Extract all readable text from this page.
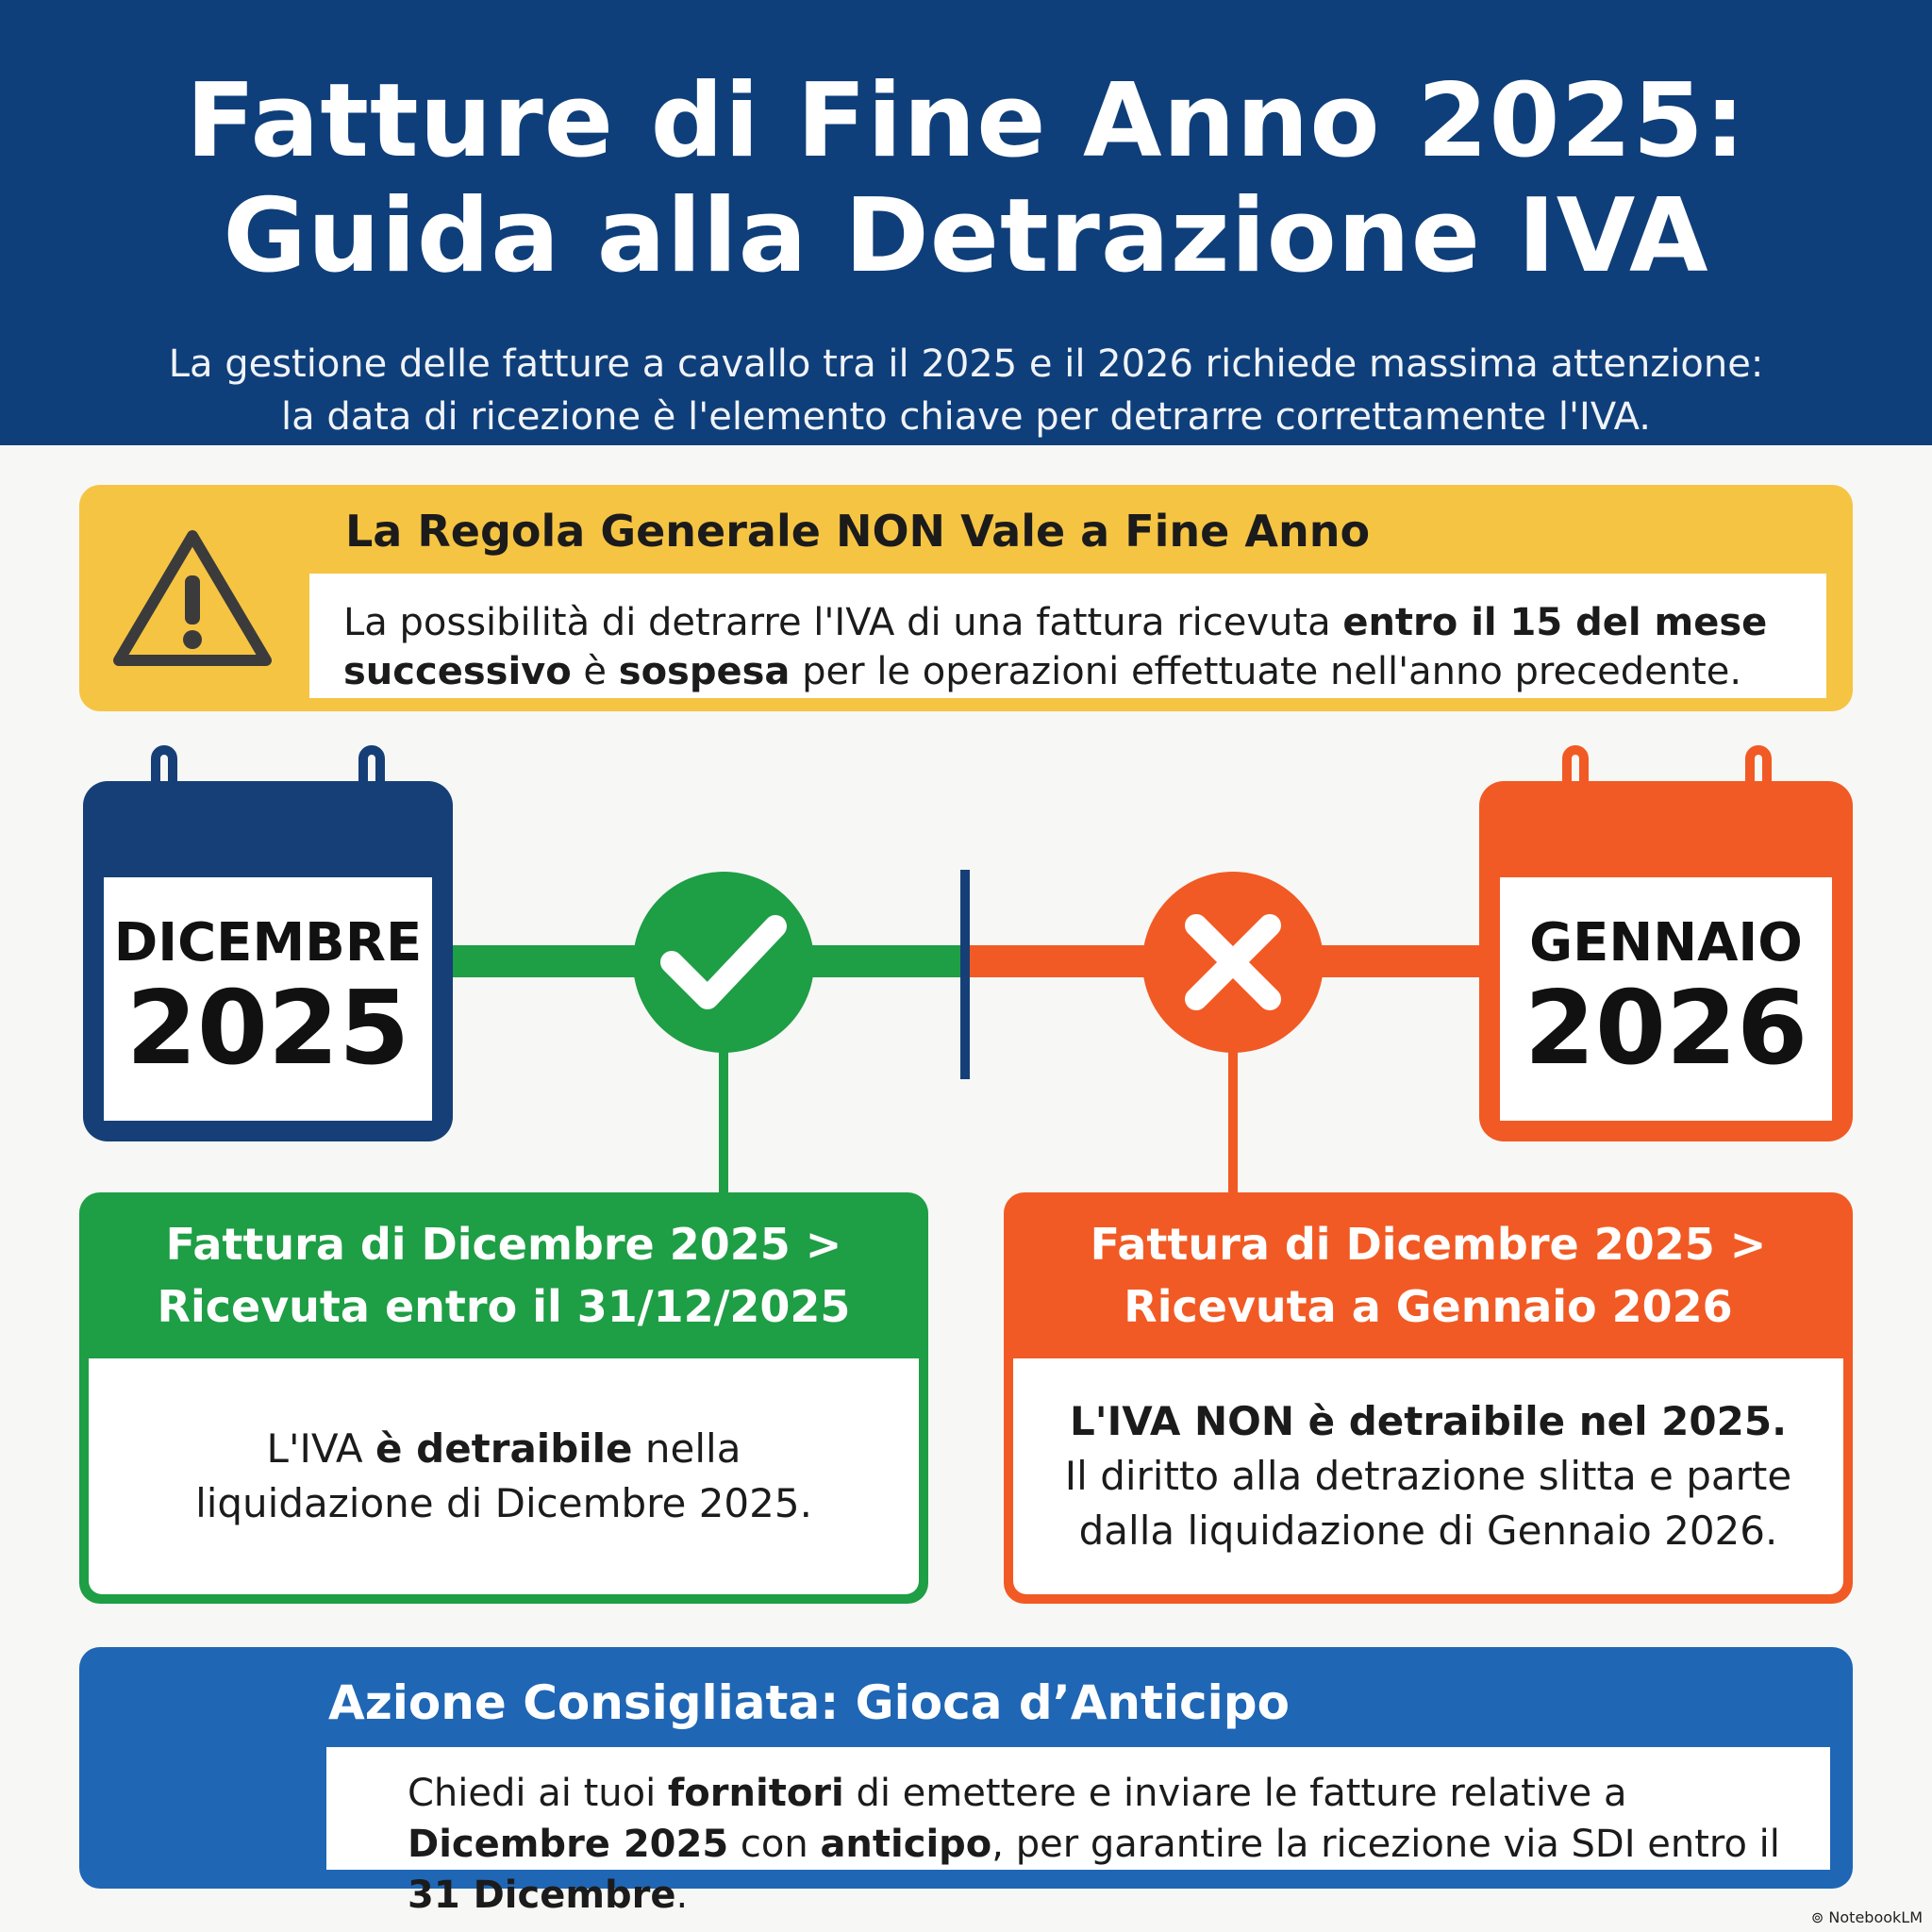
Fatture di Fine Anno 2025:
Guida alla Detrazione IVA
La gestione delle fatture a cavallo tra il 2025 e il 2026 richiede massima attenzione:
la data di ricezione è l'elemento chiave per detrarre correttamente l'IVA.
La Regola Generale NON Vale a Fine Anno
La possibilità di detrarre l'IVA di una fattura ricevuta entro il 15 del mese successivo è sospesa per le operazioni effettuate nell'anno precedente.
DICEMBRE
2025
GENNAIO
2026
Fattura di Dicembre 2025 >
Ricevuta entro il 31/12/2025
L'IVA è detraibile nella
liquidazione di Dicembre 2025.
Fattura di Dicembre 2025 >
Ricevuta a Gennaio 2026
L'IVA NON è detraibile nel 2025.
Il diritto alla detrazione slitta e parte
dalla liquidazione di Gennaio 2026.
Azione Consigliata: Gioca d’Anticipo
Chiedi ai tuoi fornitori di emettere e inviare le fatture relative a Dicembre 2025 con anticipo, per garantire la ricezione via SDI entro il 31 Dicembre.
⊚ NotebookLM
